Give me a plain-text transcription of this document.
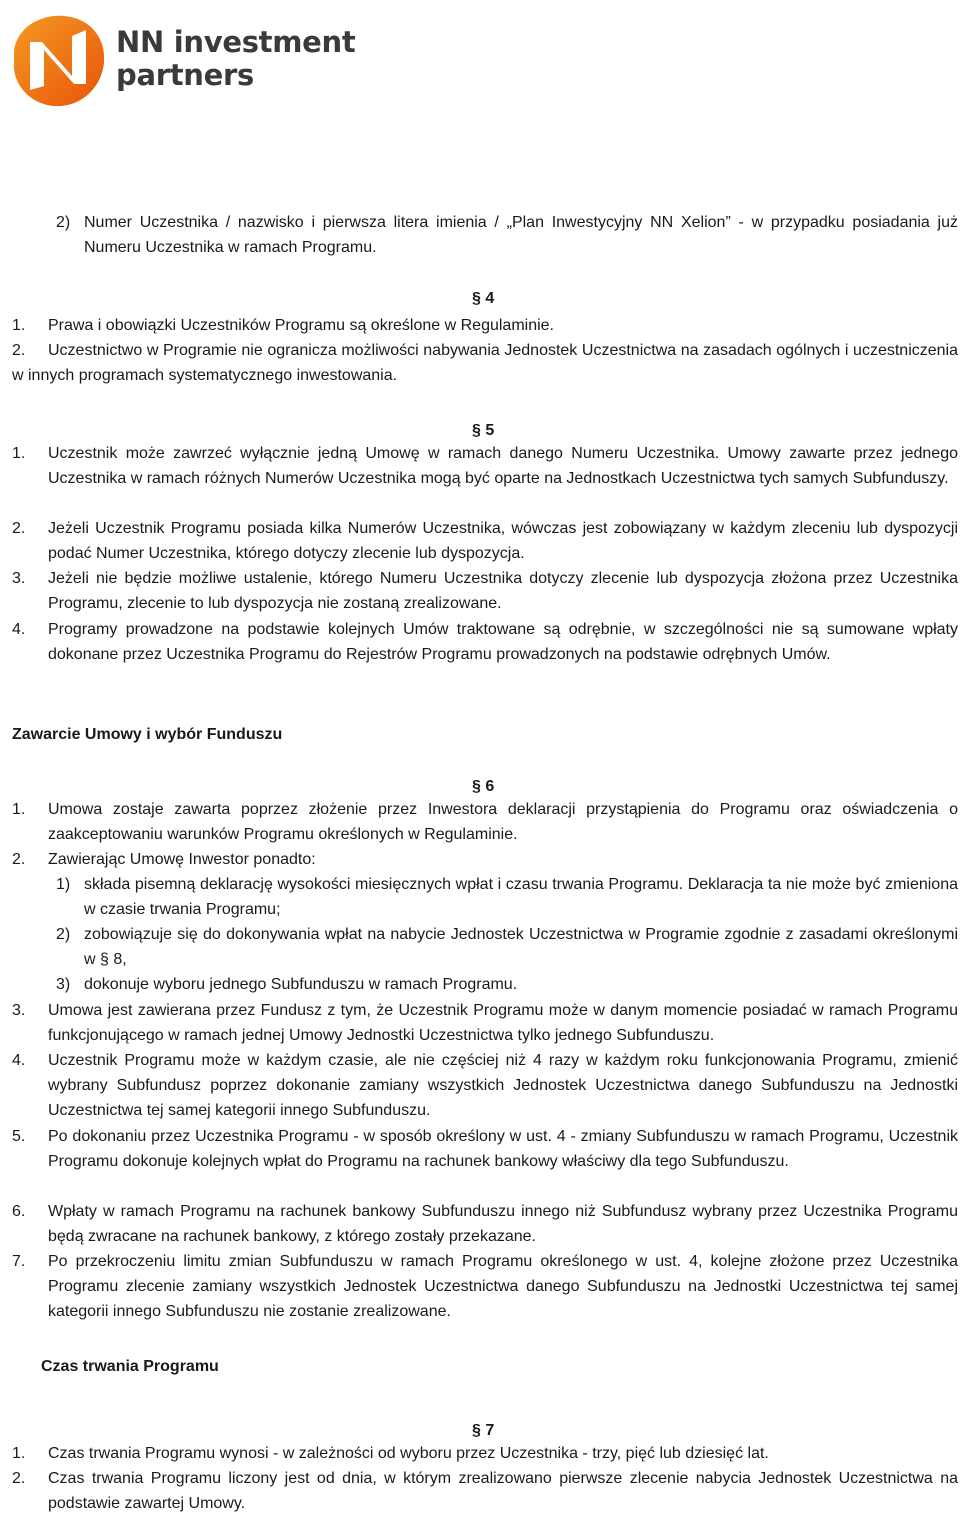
NN investment
partners
2) Numer Uczestnika / nazwisko i pierwsza litera imienia / „Plan Inwestycyjny NN Xelion” - w przypadku posiadania już Numeru Uczestnika w ramach Programu.
§ 4
1. Prawa i obowiązki Uczestników Programu są określone w Regulaminie.
2.	Uczestnictwo w Programie nie ogranicza możliwości nabywania Jednostek Uczestnictwa na zasadach ogólnych i uczestniczenia w innych programach systematycznego inwestowania.
§ 5
1. Uczestnik może zawrzeć wyłącznie jedną Umowę w ramach danego Numeru Uczestnika. Umowy zawarte przez jednego Uczestnika w ramach różnych Numerów Uczestnika mogą być oparte na Jednostkach Uczestnictwa tych samych Subfunduszy.
2. Jeżeli Uczestnik Programu posiada kilka Numerów Uczestnika, wówczas jest zobowiązany w każdym zleceniu lub dyspozycji podać Numer Uczestnika, którego dotyczy zlecenie lub dyspozycja.
3. Jeżeli nie będzie możliwe ustalenie, którego Numeru Uczestnika dotyczy zlecenie lub dyspozycja złożona przez Uczestnika Programu, zlecenie to lub dyspozycja nie zostaną zrealizowane.
4. Programy prowadzone na podstawie kolejnych Umów traktowane są odrębnie, w szczególności nie są sumowane wpłaty dokonane przez Uczestnika Programu do Rejestrów Programu prowadzonych na podstawie odrębnych Umów.
Zawarcie Umowy i wybór Funduszu
§ 6
1. Umowa zostaje zawarta poprzez złożenie przez Inwestora deklaracji przystąpienia do Programu oraz oświadczenia o zaakceptowaniu warunków Programu określonych w Regulaminie.
2. Zawierając Umowę Inwestor ponadto:
1) składa pisemną deklarację wysokości miesięcznych wpłat i czasu trwania Programu. Deklaracja ta nie może być zmieniona w czasie trwania Programu;
2) zobowiązuje się do dokonywania wpłat na nabycie Jednostek Uczestnictwa w Programie zgodnie z zasadami określonymi w § 8,
3) dokonuje wyboru jednego Subfunduszu w ramach Programu.
3. Umowa jest zawierana przez Fundusz z tym, że Uczestnik Programu może w danym momencie posiadać w ramach Programu funkcjonującego w ramach jednej Umowy Jednostki Uczestnictwa tylko jednego Subfunduszu.
4. Uczestnik Programu może w każdym czasie, ale nie częściej niż 4 razy w każdym roku funkcjonowania Programu, zmienić wybrany Subfundusz poprzez dokonanie zamiany wszystkich Jednostek Uczestnictwa danego Subfunduszu na Jednostki Uczestnictwa tej samej kategorii innego Subfunduszu.
5. Po dokonaniu przez Uczestnika Programu - w sposób określony w ust. 4 - zmiany Subfunduszu w ramach Programu, Uczestnik Programu dokonuje kolejnych wpłat do Programu na rachunek bankowy właściwy dla tego Subfunduszu.
6. Wpłaty w ramach Programu na rachunek bankowy Subfunduszu innego niż Subfundusz wybrany przez Uczestnika Programu będą zwracane na rachunek bankowy, z którego zostały przekazane.
7. Po przekroczeniu limitu zmian Subfunduszu w ramach Programu określonego w ust. 4, kolejne złożone przez Uczestnika Programu zlecenie zamiany wszystkich Jednostek Uczestnictwa danego Subfunduszu na Jednostki Uczestnictwa tej samej kategorii innego Subfunduszu nie zostanie zrealizowane.
Czas trwania Programu
§ 7
1. Czas trwania Programu wynosi - w zależności od wyboru przez Uczestnika - trzy, pięć lub dziesięć lat.
2. Czas trwania Programu liczony jest od dnia, w którym zrealizowano pierwsze zlecenie nabycia Jednostek Uczestnictwa na podstawie zawartej Umowy.
